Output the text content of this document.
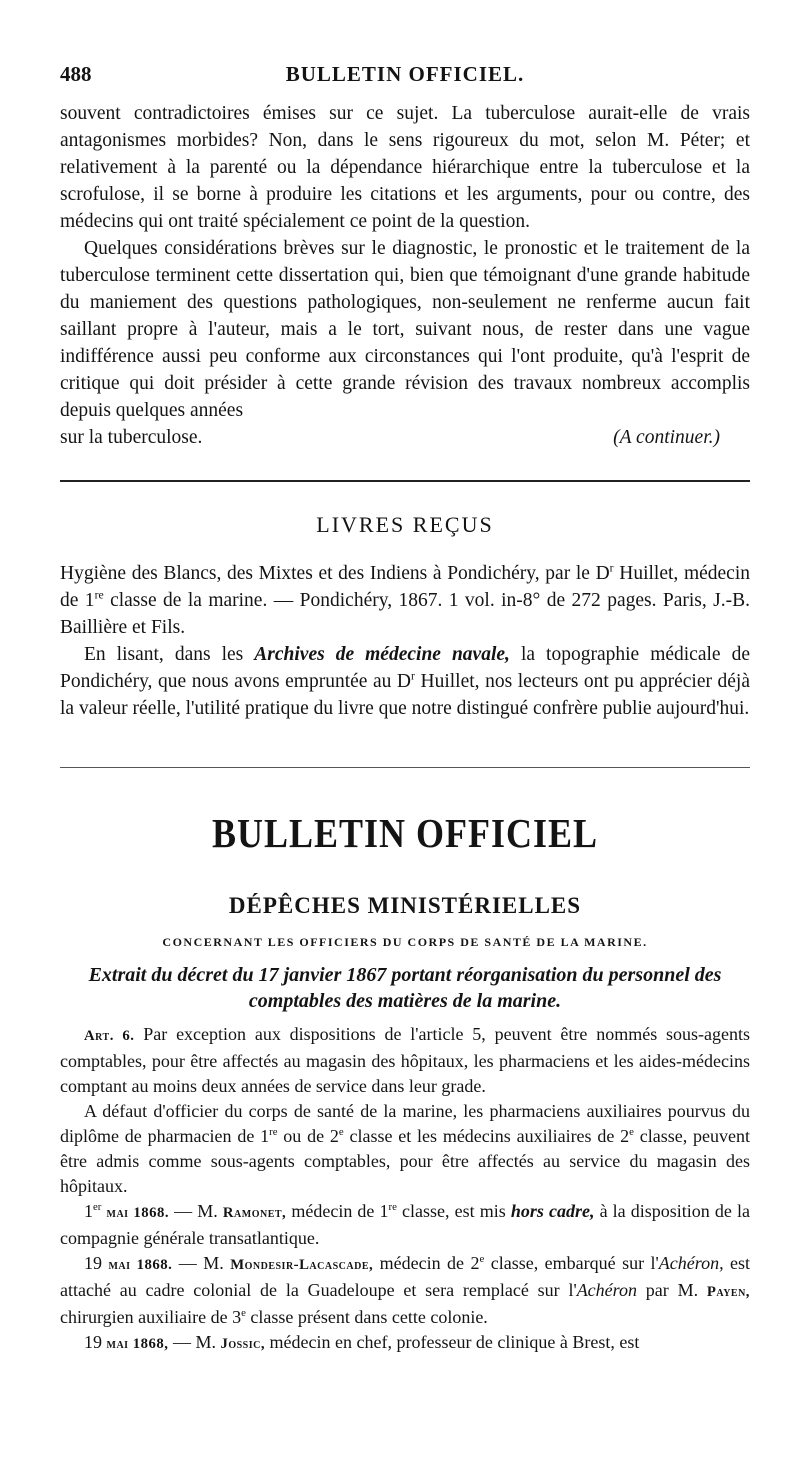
488	BULLETIN OFFICIEL.

souvent contradictoires émises sur ce sujet. La tuberculose aurait-elle de vrais antagonismes morbides? Non, dans le sens rigoureux du mot, selon M. Péter; et relativement à la parenté ou la dépendance hiérarchique entre la tuberculose et la scrofulose, il se borne à produire les citations et les arguments, pour ou contre, des médecins qui ont traité spécialement ce point de la question.

Quelques considérations brèves sur le diagnostic, le pronostic et le traitement de la tuberculose terminent cette dissertation qui, bien que témoignant d'une grande habitude du maniement des questions pathologiques, non-seulement ne renferme aucun fait saillant propre à l'auteur, mais a le tort, suivant nous, de rester dans une vague indifférence aussi peu conforme aux circonstances qui l'ont produite, qu'à l'esprit de critique qui doit présider à cette grande révision des travaux nombreux accomplis depuis quelques années

sur la tuberculose.	(A continuer.)
LIVRES REÇUS

Hygiène des Blancs, des Mixtes et des Indiens à Pondichéry, par le $D^r$ Huillet, médecin de 1re classe de la marine. — Pondichéry, 1867. 1 vol. in-8° de 272 pages. Paris, J.-B. Baillière et Fils.

En lisant, dans les Archives de médecine navale, la topographie médicale de Pondichéry, que nous avons empruntée au $D^r$ Huillet, nos lecteurs ont pu apprécier déjà la valeur réelle, l'utilité pratique du livre que notre distingué confrère publie aujourd'hui.

BULLETIN OFFICIEL
DÉPÊCHES MINISTÉRIELLES
CONCERNANT LES OFFICIERS DU CORPS DE SANTÉ DE LA MARINE.
Extrait du décret du 17 janvier 1867 portant réorganisation du personnel des comptables des matières de la marine.

Art. 6. Par exception aux dispositions de l'article 5, peuvent être nommés sous-agents comptables, pour être affectés au magasin des hôpitaux, les pharmaciens et les aides-médecins comptant au moins deux années de service dans leur grade.

A défaut d'officier du corps de santé de la marine, les pharmaciens auxiliaires pourvus du diplôme de pharmacien de 1re ou de 2e classe et les médecins auxiliaires de 2e classe, peuvent être admis comme sous-agents comptables, pour être affectés au service du magasin des hôpitaux.

1er mai 1868. — M. Ramonet, médecin de 1re classe, est mis hors cadre, à la disposition de la compagnie générale transatlantique.

19 mai 1868. — M. Mondesir-Lacascade, médecin de 2e classe, embarqué sur l'Achéron, est attaché au cadre colonial de la Guadeloupe et sera remplacé sur l'Achéron par M. Payen, chirurgien auxiliaire de 3e classe présent dans cette colonie.

19 mai 1868, — M. Jossic, médecin en chef, professeur de clinique à Brest, est
